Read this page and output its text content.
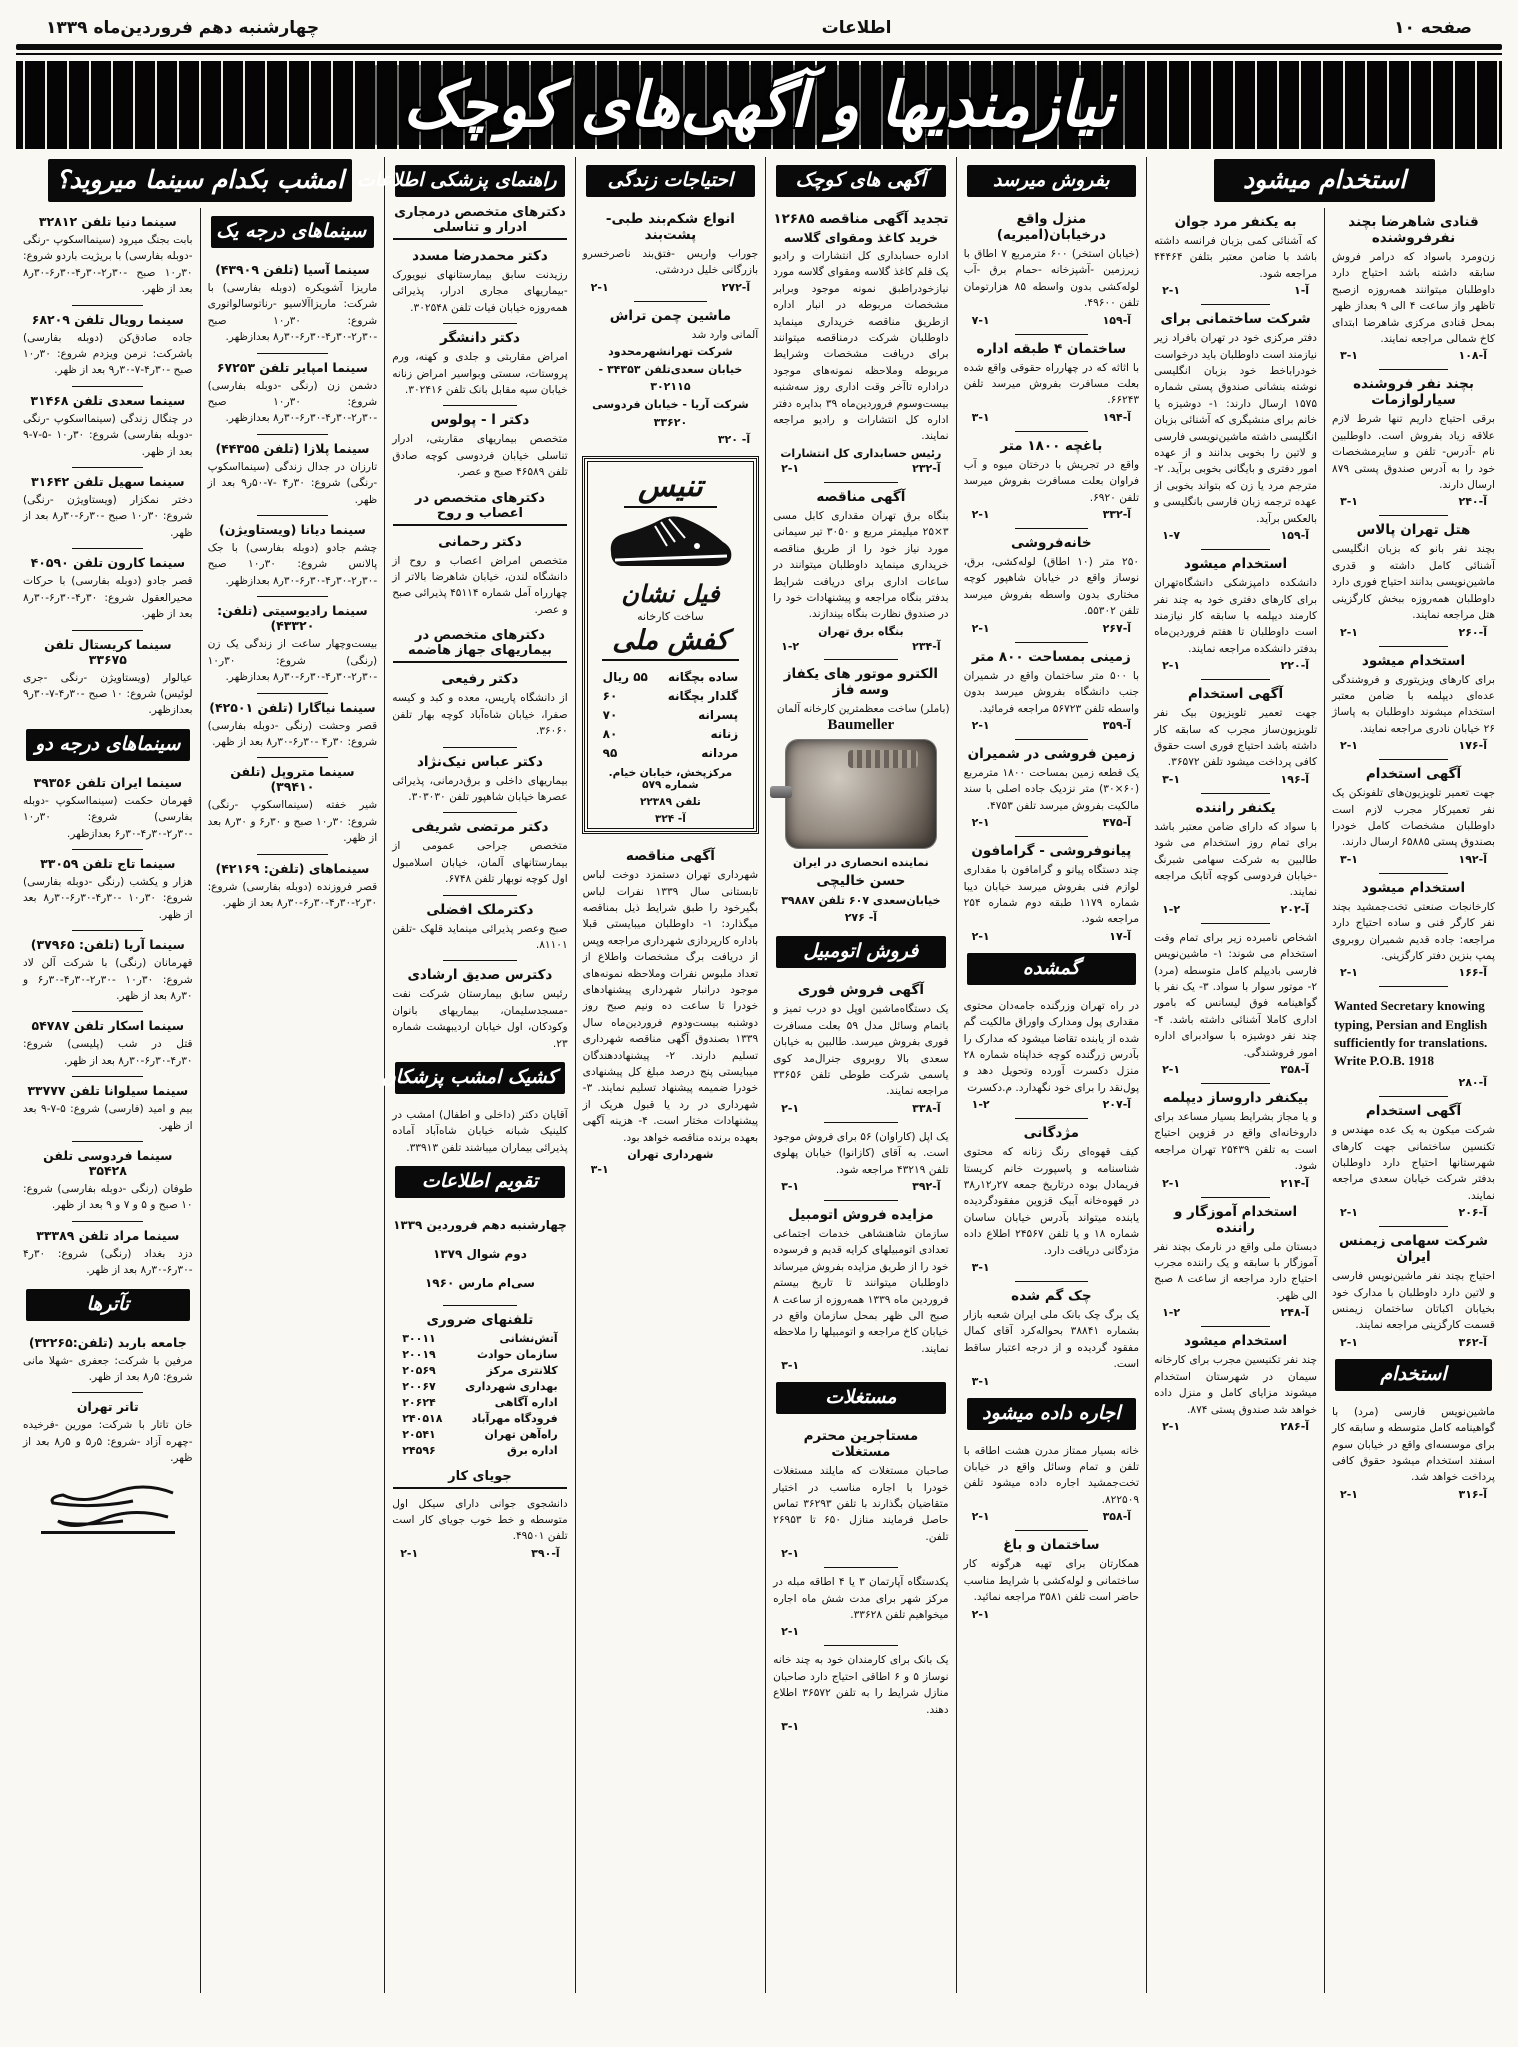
صفحه ۱۰
اطلاعات
چهارشنبه دهم فروردین‌ماه ۱۳۳۹
نیازمندیها و آگهی‌های کوچک
استخدام میشود
قنادی شاهرضا بچند نفرفروشنده
زن‌ومرد باسواد که درامر فروش سابقه داشته باشد احتیاج دارد داوطلبان میتوانند همه‌روزه ازصبح تاظهر واز ساعت ۴ الی ۹ بعداز ظهر بمحل قنادی مرکزی شاهرضا ابتدای کاخ شمالی مراجعه نمایند.
آ-۱۰۸
۳-۱
بچند نفر فروشنده سیارلوازمات
برقی احتیاج داریم تنها شرط لازم علاقه زیاد بفروش است. داوطلبین نام -آدرس- تلفن و سایرمشخصات خود را به آدرس صندوق پستی ۸۷۹ ارسال دارند.
آ-۲۴۰
۳-۱
هتل تهران پالاس
بچند نفر بانو که بزبان انگلیسی آشنائی کامل داشته و قدری ماشین‌نویسی بدانند احتیاج فوری دارد داوطلبان همه‌روزه ببخش کارگزینی هتل مراجعه نمایند.
آ-۲۶۰
۲-۱
استخدام میشود
برای کارهای ویزیتوری و فروشندگی عده‌ای دیپلمه با ضامن معتبر استخدام میشوند داوطلبان به پاساژ ۲۶ خیابان نادری مراجعه نمایند.
آ-۱۷۶
۲-۱
آگهی استخدام
جهت تعمیر تلویزیون‌های تلفونکن یک نفر تعمیرکار مجرب لازم است داوطلبان مشخصات کامل خودرا بصندوق پستی ۶۵۸۸۵ ارسال دارند.
آ-۱۹۲
۳-۱
استخدام میشود
کارخانجات صنعتی تخت‌جمشید بچند نفر کارگر فنی و ساده احتیاج دارد مراجعه: جاده قدیم شمیران روبروی پمپ بنزین دفتر کارگزینی.
آ-۱۶۶
۲-۱
Wanted Secretary knowing typing, Persian and English sufficiently for translations. Write P.O.B. 1918
آ-۲۸۰
آگهی استخدام
شرکت میکون به یک عده مهندس و تکنسین ساختمانی جهت کارهای شهرستانها احتیاج دارد داوطلبان بدفتر شرکت خیابان سعدی مراجعه نمایند.
آ-۲۰۶
۲-۱
شرکت سهامی زیمنس ایران
احتیاج بچند نفر ماشین‌نویس فارسی و لاتین دارد داوطلبان با مدارک خود بخیابان اکباتان ساختمان زیمنس قسمت کارگزینی مراجعه نمایند.
آ-۳۶۲
۲-۱
استخدام
ماشین‌نویس فارسی (مرد) با گواهینامه کامل متوسطه و سابقه کار برای موسسه‌ای واقع در خیابان سوم اسفند استخدام میشود حقوق کافی پرداخت خواهد شد.
آ-۳۱۶
۲-۱
به یکنفر مرد جوان
که آشنائی کمی بزبان فرانسه داشته باشد با ضامن معتبر بتلفن ۴۴۴۶۴ مراجعه شود.
آ-۱
۲-۱
شرکت ساختمانی برای
دفتر مرکزی خود در تهران بافراد زیر نیازمند است داوطلبان باید درخواست خودراباخط خود بزبان انگلیسی نوشته بنشانی صندوق پستی شماره ۱۵۷۵ ارسال دارند: ۱- دوشیزه یا خانم برای منشیگری که آشنائی بزبان انگلیسی داشته ماشین‌نویسی فارسی و لاتین را بخوبی بدانند و از عهده امور دفتری و بایگانی بخوبی برآید. ۲- مترجم مرد یا زن که بتواند بخوبی از عهده ترجمه زبان فارسی بانگلیسی و بالعکس برآید.
آ-۱۵۹
۱-۷
استخدام میشود
دانشکده دامپزشکی دانشگاه‌تهران برای کارهای دفتری خود به چند نفر کارمند دیپلمه با سابقه کار نیازمند است داوطلبان تا هفتم فروردین‌ماه بدفتر دانشکده مراجعه نمایند.
آ-۲۲۰
۲-۱
آگهی استخدام
جهت تعمیر تلویزیون بیک نفر تلویزیون‌ساز مجرب که سابقه کار داشته باشد احتیاج فوری است حقوق کافی پرداخت میشود تلفن ۳۶۵۷۲.
آ-۱۹۶
۳-۱
یکنفر راننده
با سواد که دارای ضامن معتبر باشد برای تمام روز استخدام می شود طالبین به شرکت سهامی شبرنگ -خیابان فردوسی کوچه آتابک مراجعه نمایند.
آ-۲۰۲
۱-۲
اشخاص نامبرده زیر برای تمام وقت استخدام می شوند: ۱- ماشین‌نویس فارسی بادیپلم کامل متوسطه (مرد) ۲- موتور سوار با سواد. ۳- یک نفر با گواهینامه فوق لیسانس که بامور اداری کاملا آشنائی داشته باشد. ۴- چند نفر دوشیزه با سوادبرای اداره امور فروشندگی.
آ-۳۵۸
۲-۱
بیکنفر داروساز دیپلمه
و یا مجاز بشرایط بسیار مساعد برای داروخانه‌ای واقع در قزوین احتیاج است به تلفن ۲۵۴۳۹ تهران مراجعه شود.
آ-۲۱۴
۲-۱
استخدام آموزگار و راننده
دبستان ملی واقع در نارمک بچند نفر آموزگار با سابقه و یک راننده مجرب احتیاج دارد مراجعه از ساعت ۸ صبح الی ظهر.
آ-۲۴۸
۱-۲
استخدام میشود
چند نفر تکنیسین مجرب برای کارخانه سیمان در شهرستان استخدام میشوند مزایای کامل و منزل داده خواهد شد صندوق پستی ۸۷۴.
آ-۲۸۶
۲-۱
بفروش میرسد
منزل واقع درخیابان(امیریه)
(خیابان استخر) ۶۰۰ مترمربع ۷ اطاق با زیرزمین -آشپزخانه -حمام برق -آب لوله‌کشی بدون واسطه ۸۵ هزارتومان تلفن ۴۹۶۰۰.
آ-۱۵۹
۷-۱
ساختمان ۴ طبقه اداره
با اثاثه که در چهارراه حقوقی واقع شده بعلت مسافرت بفروش میرسد تلفن ۶۶۲۴۳.
آ-۱۹۴
۳-۱
باغچه ۱۸۰۰ متر
واقع در تجریش با درختان میوه و آب فراوان بعلت مسافرت بفروش میرسد تلفن ۶۹۲۰.
آ-۳۳۲
۲-۱
خانه‌فروشی
۲۵۰ متر (۱۰ اطاق) لوله‌کشی، برق، نوساز واقع در خیابان شاهپور کوچه مختاری بدون واسطه بفروش میرسد تلفن ۵۵۳۰۲.
آ-۲۶۷
۲-۱
زمینی بمساحت ۸۰۰ متر
با ۵۰۰ متر ساختمان واقع در شمیران جنب دانشگاه بفروش میرسد بدون واسطه تلفن ۵۶۷۲۳ مراجعه فرمائید.
آ-۳۵۹
۲-۱
زمین فروشی در شمیران
یک قطعه زمین بمساحت ۱۸۰۰ مترمربع (۶۰×۳۰) متر نزدیک جاده اصلی با سند مالکیت بفروش میرسد تلفن ۴۷۵۳.
آ-۴۷۵
۲-۱
پیانوفروشی - گرامافون
چند دستگاه پیانو و گرامافون با مقداری لوازم فنی بفروش میرسد خیابان دیبا شماره ۱۱۷۹ طبقه دوم شماره ۲۵۴ مراجعه شود.
آ-۱۷
۲-۱
گمشده
در راه تهران وزرگنده جامه‌دان محتوی مقداری پول ومدارک واوراق مالکیت گم شده از یابنده تقاضا میشود که مدارک را بآدرس زرگنده کوچه خداپناه شماره ۲۸ منزل دکسرت آورده وتحویل دهد و پول‌نقد را برای خود نگهدارد. م.دکسرت
آ-۲۰۷
۱-۲
مژدگانی
کیف قهوه‌ای رنگ زنانه که محتوی شناسنامه و پاسپورت خانم کریستا فریمادل بوده درتاریخ جمعه ۲۷ر۱۲ر۳۸ در قهوه‌خانه آبیک قزوین مفقودگردیده یابنده میتواند بآدرس خیابان ساسان شماره ۱۸ و یا تلفن ۲۴۵۶۷ اطلاع داده مژدگانی دریافت دارد.
۳-۱
چک گم شده
یک برگ چک بانک ملی ایران شعبه بازار بشماره ۳۸۸۴۱ بحواله‌کرد آقای کمال مفقود گردیده و از درجه اعتبار ساقط است.
۳-۱
اجاره داده میشود
خانه بسیار ممتاز مدرن هشت اطاقه با تلفن و تمام وسائل واقع در خیابان تخت‌جمشید اجاره داده میشود تلفن ۸۲۲۵۰۹.
آ-۳۵۸
۲-۱
ساختمان و باغ
همکارتان برای تهیه هرگونه کار ساختمانی و لوله‌کشی با شرایط مناسب حاضر است تلفن ۳۵۸۱ مراجعه نمائید.
۲-۱
آگهی های کوچک
تجدید آگهی مناقصه ۱۲۶۸۵
خرید کاغذ ومقوای گلاسه
اداره حسابداری کل انتشارات و رادیو یک قلم کاغذ گلاسه ومقوای گلاسه مورد نیازخودراطبق نمونه موجود وبرابر مشخصات مربوطه در انبار اداره ازطریق مناقصه خریداری مینماید داوطلبان شرکت درمناقصه میتوانند برای دریافت مشخصات وشرایط مربوطه وملاحظه نمونه‌های موجود دراداره تاآخر وقت اداری روز سه‌شنبه بیست‌وسوم فروردین‌ماه ۳۹ بدایره دفتر اداره کل انتشارات و رادیو مراجعه نمایند.
رئیس حسابداری کل انتشارات
آ-۲۳۲
۲-۱
آگهی مناقصه
بنگاه برق تهران مقداری کابل مسی ۳×۲۵ میلیمتر مربع و ۳۰۵۰ تیر سیمانی مورد نیاز خود را از طریق مناقصه خریداری مینماید داوطلبان میتوانند در ساعات اداری برای دریافت شرایط بدفتر بنگاه مراجعه و پیشنهادات خود را در صندوق نظارت بنگاه بیندازند.
بنگاه برق تهران
آ-۲۳۴
۱-۲
الکترو موتور های یکفاز وسه فاز
(باملر) ساخت معظمترین کارخانه آلمان
Baumeller
نماینده انحصاری در ایران
حسن خالیچی
خیابان‌سعدی ۶۰۷ تلفن ۳۹۸۸۷
آ- ۲۷۶
فروش اتومبیل
آگهی فروش فوری
یک دستگاه‌ماشین اوپل دو درب تمیز و باتمام وسائل مدل ۵۹ بعلت مسافرت فوری بفروش میرسد. طالبین به خیابان سعدی بالا روبروی جنرال‌مد کوی یاسمی شرکت طوطی تلفن ۳۳۶۵۶ مراجعه نمایند.
آ-۳۳۸
۲-۱
یک اپل (کاراوان) ۵۶ برای فروش موجود است. به آقای (کازانوا) خیابان پهلوی تلفن ۴۳۲۱۹ مراجعه شود.
آ-۳۹۲
۳-۱
مزایده فروش اتومبیل
سازمان شاهنشاهی خدمات اجتماعی تعدادی اتومبیلهای کرایه قدیم و فرسوده خود را از طریق مزایده بفروش میرساند داوطلبان میتوانند تا تاریخ بیستم فروردین ماه ۱۳۳۹ همه‌روزه از ساعت ۸ صبح الی ظهر بمحل سازمان واقع در خیابان کاخ مراجعه و اتومبیلها را ملاحظه نمایند.
۳-۱
مستغلات
مستاجرین محترم مستغلات
صاحبان مستغلات که مایلند مستغلات خودرا با اجاره مناسب در اختیار متقاضیان بگذارند با تلفن ۳۶۲۹۳ تماس حاصل فرمایند منازل ۶۵۰ تا ۲۶۹۵۳ تلفن.
۲-۱
یکدستگاه آپارتمان ۳ یا ۴ اطاقه مبله در مرکز شهر برای مدت شش ماه اجاره میخواهیم تلفن ۳۳۶۲۸.
۲-۱
یک بانک برای کارمندان خود به چند خانه نوساز ۵ و ۶ اطاقی احتیاج دارد صاحبان منازل شرایط را به تلفن ۳۶۵۷۲ اطلاع دهند.
۳-۱
احتیاجات زندگی
انواع شکم‌بند طبی-پشت‌بند
جوراب واریس -فتق‌بند ناصرخسرو بازرگانی خلیل دردشتی.
آ-۲۷۲
۲-۱
ماشین چمن تراش
آلمانی وارد شد
شرکت تهرانشهرمحدود
خیابان سعدی‌تلفن ۳۴۳۵۳ - ۳۰۲۱۱۵
شرکت آریا - خیابان فردوسی
۳۳۶۲۰
آ- ۳۲۰
تنیس
فیل نشان
ساخت کارخانه
کفش ملی
ساده بچگانه
۵۵ ریال
گلدار بچگانه
۶۰
پسرانه
۷۰
زنانه
۸۰
مردانه
۹۵
مرکزپخش، خیابان خیام. شماره ۵۷۹
تلفن ۲۲۳۸۹
آ- ۳۲۴
آگهی مناقصه
شهرداری تهران دستمزد دوخت لباس تابستانی سال ۱۳۳۹ نفرات لباس بگیرخود را طبق شرایط ذیل بمناقصه میگذارد: ۱- داوطلبان میبایستی قبلا باداره کارپردازی شهرداری مراجعه وپس از دریافت برگ مشخصات واطلاع از تعداد ملبوس نفرات وملاحظه نمونه‌های موجود درانبار شهرداری پیشنهادهای خودرا تا ساعت ده ونیم صبح روز دوشنبه بیست‌ودوم فروردین‌ماه سال ۱۳۳۹ بصندوق آگهی مناقصه شهرداری تسلیم دارند. ۲- پیشنهاددهندگان میبایستی پنج درصد مبلغ کل پیشنهادی خودرا ضمیمه پیشنهاد تسلیم نمایند. ۳- شهرداری در رد یا قبول هریک از پیشنهادات مختار است. ۴- هزینه آگهی بعهده برنده مناقصه خواهد بود.
شهرداری تهران
۳-۱
راهنمای پزشکی اطلاعات
دکترهای متخصص درمجاری ادرار و تناسلی
دکتر محمدرضا مسدد
رزیدنت سابق بیمارستانهای نیویورک -بیماریهای مجاری ادرار، پذیرائی همه‌روزه خیابان فیات تلفن ۳۰۲۵۴۸.
دکتر دانشگر
امراض مقاربتی و جلدی و کهنه، ورم پروستات، سستی وبواسیر امراض زنانه خیابان سپه مقابل بانک تلفن ۳۰۲۴۱۶.
دکتر ا - پولوس
متخصص بیماریهای مقاربتی، ادرار تناسلی خیابان فردوسی کوچه صادق تلفن ۴۶۵۸۹ صبح و عصر.
دکترهای متخصص در اعصاب و روح
دکتر رحمانی
متخصص امراض اعصاب و روح از دانشگاه لندن، خیابان شاهرضا بالاتر از چهارراه آمل شماره ۴۵۱۱۴ پذیرائی صبح و عصر.
دکترهای متخصص در بیماریهای جهاز هاضمه
دکتر رفیعی
از دانشگاه پاریس، معده و کبد و کیسه صفرا، خیابان شاه‌آباد کوچه بهار تلفن ۳۶۰۶۰.
دکتر عباس نیک‌نژاد
بیماریهای داخلی و برق‌درمانی، پذیرائی عصرها خیابان شاهپور تلفن ۳۰۳۰۳۰.
دکتر مرتضی شریفی
متخصص جراحی عمومی از بیمارستانهای آلمان، خیابان اسلامبول اول کوچه نوبهار تلفن ۶۷۴۸.
دکترملک افضلی
صبح وعصر پذیرائی مینماید قلهک -تلفن ۸۱۱۰۱.
دکترس صدیق ارشادی
رئیس سابق بیمارستان شرکت نفت -مسجدسلیمان، بیماریهای بانوان وکودکان، اول خیابان اردیبهشت شماره ۲۳.
کشیک امشب پزشکان
آقایان دکتر (داخلی و اطفال) امشب در کلینیک شبانه خیابان شاه‌آباد آماده پذیرائی بیماران میباشند تلفن ۳۳۹۱۳.
تقویم اطلاعات
چهارشنبه دهم فروردین ۱۳۳۹
دوم شوال ۱۳۷۹
سی‌ام مارس ۱۹۶۰
تلفنهای ضروری
آتش‌نشانی
۳۰۰۱۱
سازمان حوادث
۲۰۰۱۹
کلانتری مرکز
۲۰۵۶۹
بهداری شهرداری
۲۰۰۶۷
اداره آگاهی
۲۰۶۲۴
فرودگاه مهرآباد
۲۴۰۵۱۸
راه‌آهن تهران
۲۰۵۴۱
اداره برق
۲۴۵۹۶
جویای کار
دانشجوی جوانی دارای سیکل اول متوسطه و خط خوب جویای کار است تلفن ۴۹۵۰۱.
آ-۳۹۰
۲-۱
امشب بکدام سینما میروید؟
سینماهای درجه یک
سینما آسیا (تلفن ۴۳۹۰۹)
ماریزا آشویکره (دوبله بفارسی) با شرکت: ماریزاآلاسیو -رناتوسالواتوری شروع: ۳۰ر۱۰ صبح -۳۰ر۲-۳۰ر۴-۳۰ر۶-۳۰ر۸ بعدازظهر.
سینما امپایر تلفن ۶۷۲۵۳
دشمن زن (رنگی -دوبله بفارسی) شروع: ۳۰ر۱۰ صبح -۳۰ر۲-۳۰ر۴-۳۰ر۶-۳۰ر۸ بعدازظهر.
سینما پلازا (تلفن ۴۴۳۵۵)
تارزان در جدال زندگی (سینمااسکوپ -رنگی) شروع: ۳۰ر۴ -۷-۵۰ر۹ بعد از ظهر.
سینما دیانا (ویستاویژن)
چشم جادو (دوبله بفارسی) با جک پالانس شروع: ۳۰ر۱۰ صبح -۳۰ر۲-۳۰ر۴-۳۰ر۶-۳۰ر۸ بعدازظهر.
سینما رادیوسیتی (تلفن: ۴۳۳۲۰)
بیست‌وچهار ساعت از زندگی یک زن (رنگی) شروع: ۳۰ر۱۰ -۳۰ر۲-۳۰ر۴-۳۰ر۶-۳۰ر۸ بعدازظهر.
سینما نیاگارا (تلفن ۴۲۵۰۱)
قصر وحشت (رنگی -دوبله بفارسی) شروع: ۳۰ر۴ -۳۰ر۶-۳۰ر۸ بعد از ظهر.
سینما متروپل (تلفن ۳۹۴۱۰)
شیر خفته (سینمااسکوپ -رنگی) شروع: ۳۰ر۱۰ صبح و ۳۰ر۶ و ۳۰ر۸ بعد از ظهر.
سینماهای (تلفن: ۴۲۱۶۹)
قصر فروزنده (دوبله بفارسی) شروع: ۳۰ر۲-۳۰ر۴-۳۰ر۶-۳۰ر۸ بعد از ظهر.
سینما دنیا تلفن ۳۲۸۱۲
بابت بجنگ میرود (سینمااسکوپ -رنگی -دوبله بفارسی) با بریژیت باردو شروع: ۳۰ر۱۰ صبح -۳۰ر۲-۳۰ر۴-۳۰ر۶-۳۰ر۸ بعد از ظهر.
سینما رویال تلفن ۶۸۲۰۹
جاده صادق‌کن (دوبله بفارسی) باشرکت: نرمن ویزدم شروع: ۳۰ر۱۰ صبح -۳۰ر۴-۷-۳۰ر۹ بعد از ظهر.
سینما سعدی تلفن ۳۱۴۶۸
در چنگال زندگی (سینمااسکوپ -رنگی -دوبله بفارسی) شروع: ۳۰ر۱۰ -۵-۷-۹ بعد از ظهر.
سینما سهیل تلفن ۳۱۶۴۲
دختر نمکزار (ویستاویژن -رنگی) شروع: ۳۰ر۱۰ صبح -۳۰ر۶-۳۰ر۸ بعد از ظهر.
سینما کارون تلفن ۴۰۵۹۰
قصر جادو (دوبله بفارسی) با حرکات محیرالعقول شروع: ۳۰ر۴-۳۰ر۶-۳۰ر۸ بعد از ظهر.
سینما کریستال تلفن ۳۳۶۷۵
عیالوار (ویستاویژن -رنگی -جری لوئیس) شروع: ۱۰ صبح -۳۰ر۴-۷-۳۰ر۹ بعدازظهر.
سینماهای درجه دو
سینما ایران تلفن ۳۹۳۵۶
قهرمان حکمت (سینمااسکوپ -دوبله بفارسی) شروع: ۳۰ر۱۰ -۳۰ر۲-۳۰ر۴-۳۰ر۶ بعدازظهر.
سینما تاج تلفن ۳۳۰۵۹
هزار و یکشب (رنگی -دوبله بفارسی) شروع: ۳۰ر۱۰ -۳۰ر۴-۳۰ر۶-۳۰ر۸ بعد از ظهر.
سینما آریا (تلفن: ۳۷۹۶۵)
قهرمانان (رنگی) با شرکت آلن لاد شروع: ۳۰ر۱۰ -۳۰ر۲-۳۰ر۴-۳۰ر۶ و ۳۰ر۸ بعد از ظهر.
سینما اسکار تلفن ۵۴۷۸۷
قتل در شب (پلیسی) شروع: ۳۰ر۴-۳۰ر۶-۳۰ر۸ بعد از ظهر.
سینما سیلوانا تلفن ۳۳۷۷۷
بیم و امید (فارسی) شروع: ۵-۷-۹ بعد از ظهر.
سینما فردوسی تلفن ۳۵۴۲۸
طوفان (رنگی -دوبله بفارسی) شروع: ۱۰ صبح و ۵ و ۷ و ۹ بعد از ظهر.
سینما مراد تلفن ۳۳۳۸۹
دزد بغداد (رنگی) شروع: ۳۰ر۴ -۳۰ر۶-۳۰ر۸ بعد از ظهر.
تآترها
جامعه باربد (تلفن:۳۲۲۶۵)
مرفین با شرکت: جعفری -شهلا مانی شروع: ۵ر۸ بعد از ظهر.
تاتر تهران
خان تاتار با شرکت: مورین -فرخیده -چهره آزاد -شروع: ۵ر۵ و ۵ر۸ بعد از ظهر.
